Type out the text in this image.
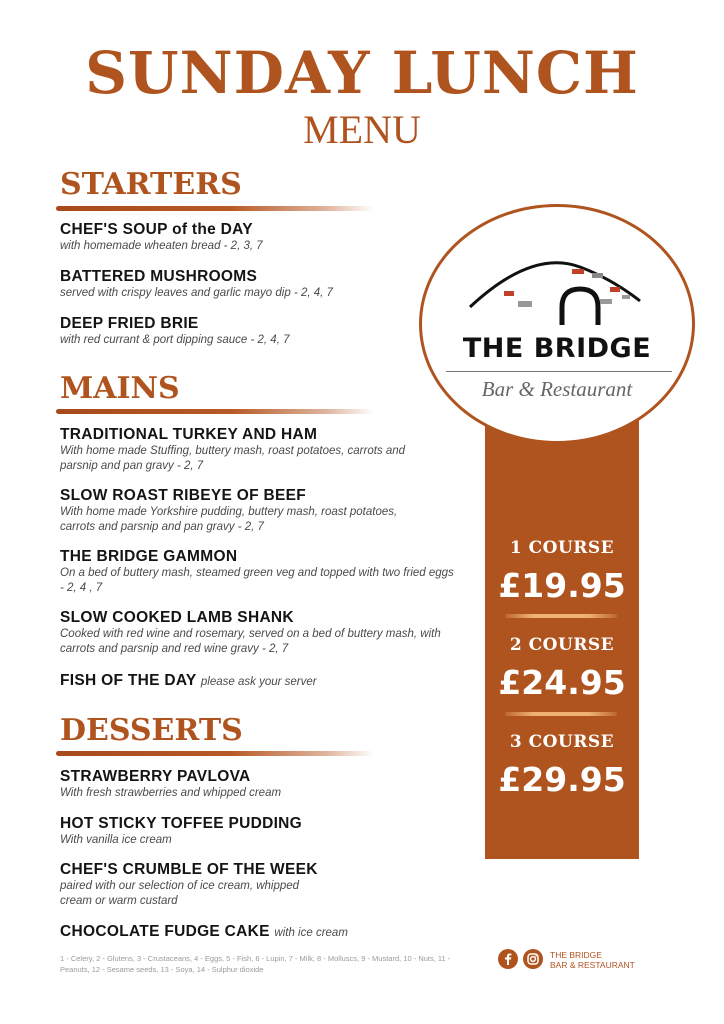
SUNDAY LUNCH
MENU
STARTERS
CHEF'S SOUP of the DAY
with homemade wheaten bread - 2, 3, 7
BATTERED MUSHROOMS
served with crispy leaves and garlic mayo dip - 2, 4, 7
DEEP FRIED BRIE
with red currant & port dipping sauce - 2, 4, 7
MAINS
TRADITIONAL TURKEY AND HAM
With home made Stuffing, buttery mash, roast potatoes, carrots and parsnip and pan gravy - 2, 7
SLOW ROAST RIBEYE OF BEEF
With home made Yorkshire pudding, buttery mash, roast potatoes, carrots and parsnip and pan gravy - 2, 7
THE BRIDGE GAMMON
On a bed of buttery mash, steamed green veg and topped with two fried eggs - 2, 4 , 7
SLOW COOKED LAMB SHANK
Cooked with red wine and rosemary, served on a bed of buttery mash, with carrots and parsnip and red wine gravy - 2, 7
FISH OF THE DAY please ask your server
DESSERTS
STRAWBERRY PAVLOVA
With fresh strawberries and whipped cream
HOT STICKY TOFFEE PUDDING
With vanilla ice cream
CHEF'S CRUMBLE OF THE WEEK
paired with our selection of ice cream, whipped cream or warm custard
CHOCOLATE FUDGE CAKE with ice cream
THE BRIDGE
Bar & Restaurant
1 COURSE
£19.95
2 COURSE
£24.95
3 COURSE
£29.95
1 - Celery, 2 - Glutens, 3 - Crustaceans, 4 - Eggs, 5 - Fish, 6 - Lupin, 7 - Milk, 8 - Molluscs, 9 - Mustard, 10 - Nuts, 11 - Peanuts, 12 - Sesame seeds, 13 - Soya, 14 - Sulphur dioxide
THE BRIDGE
BAR & RESTAURANT
